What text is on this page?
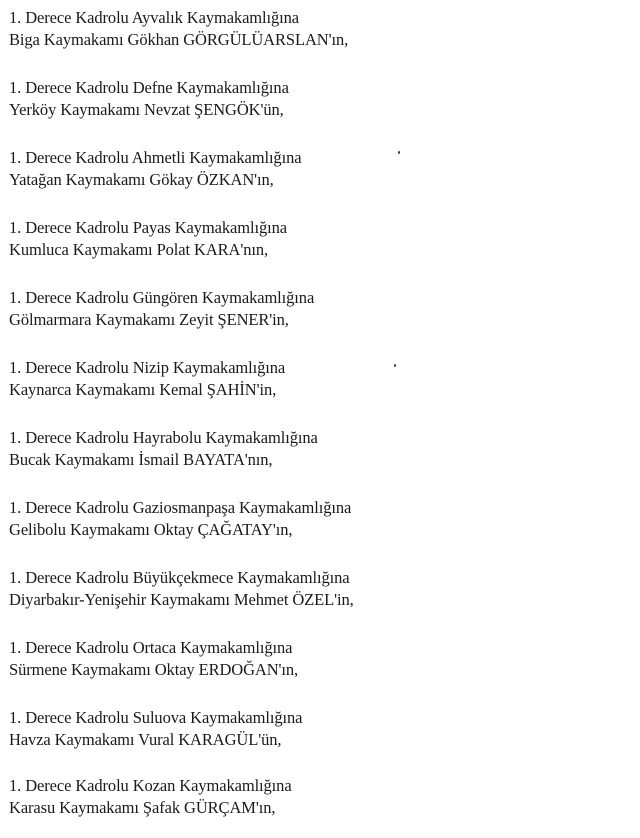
1. Derece Kadrolu Ayvalık Kaymakamlığına
Biga Kaymakamı Gökhan GÖRGÜLÜARSLAN'ın,
1. Derece Kadrolu Defne Kaymakamlığına
Yerköy Kaymakamı Nevzat ŞENGÖK'ün,
1. Derece Kadrolu Ahmetli Kaymakamlığına
Yatağan Kaymakamı Gökay ÖZKAN'ın,
1. Derece Kadrolu Payas Kaymakamlığına
Kumluca Kaymakamı Polat KARA'nın,
1. Derece Kadrolu Güngören Kaymakamlığına
Gölmarmara Kaymakamı Zeyit ŞENER'in,
1. Derece Kadrolu Nizip Kaymakamlığına
Kaynarca Kaymakamı Kemal ŞAHİN'in,
1. Derece Kadrolu Hayrabolu Kaymakamlığına
Bucak Kaymakamı İsmail BAYATA'nın,
1. Derece Kadrolu Gaziosmanpaşa Kaymakamlığına
Gelibolu Kaymakamı Oktay ÇAĞATAY'ın,
1. Derece Kadrolu Büyükçekmece Kaymakamlığına
Diyarbakır-Yenişehir Kaymakamı Mehmet ÖZEL'in,
1. Derece Kadrolu Ortaca Kaymakamlığına
Sürmene Kaymakamı Oktay ERDOĞAN'ın,
1. Derece Kadrolu Suluova Kaymakamlığına
Havza Kaymakamı Vural KARAGÜL'ün,
1. Derece Kadrolu Kozan Kaymakamlığına
Karasu Kaymakamı Şafak GÜRÇAM'ın,
